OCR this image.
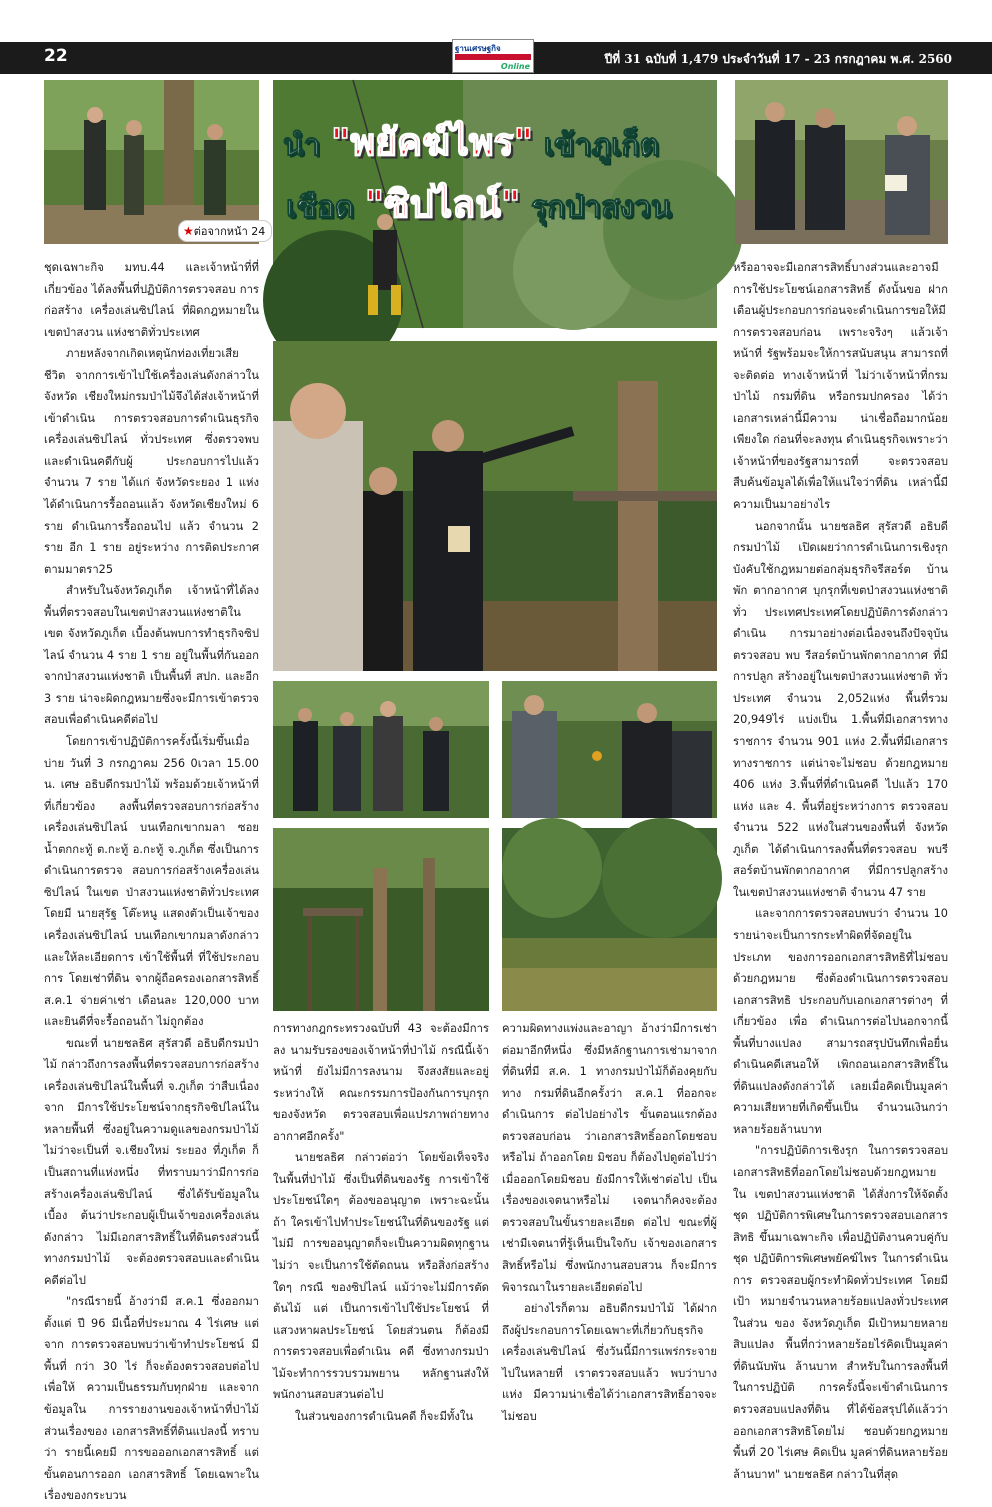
22	ฐานเศรษฐกิจ
Online
ปีที่ 31 ฉบับที่ 1,479 ประจำวันที่ 17 - 23 กรกฎาคม พ.ศ. 2560
★ต่อจากหน้า 24
นำ "พยัคฆ์ไพร" เข้าภูเก็ต
เชือด "ซิปไลน์" รุกป่าสงวน

ชุดเฉพาะกิจ มทบ.44 และเจ้าหน้าที่ที่เกี่ยวข้อง ได้ลงพื้นที่ปฏิบัติการตรวจสอบ การก่อสร้าง เครื่องเล่นซิปไลน์ ที่ผิดกฎหมายในเขตป่าสงวน แห่งชาติทั่วประเทศ

ภายหลังจากเกิดเหตุนักท่องเที่ยวเสียชีวิต จากการเข้าไปใช้เครื่องเล่นดังกล่าวในจังหวัด เชียงใหม่กรมป่าไม้จึงได้ส่งเจ้าหน้าที่เข้าดำเนิน การตรวจสอบการดำเนินธุรกิจเครื่องเล่นซิปไลน์ ทั่วประเทศ ซึ่งตรวจพบและดำเนินคดีกับผู้ ประกอบการไปแล้ว จำนวน 7 ราย ได้แก่ จังหวัดระยอง 1 แห่ง ได้ดำเนินการรื้อถอนแล้ว จังหวัดเชียงใหม่ 6 ราย ดำเนินการรื้อถอนไป แล้ว จำนวน 2 ราย อีก 1 ราย อยู่ระหว่าง การติดประกาศ ตามมาตรา25

สำหรับในจังหวัดภูเก็ต เจ้าหน้าที่ได้ลง พื้นที่ตรวจสอบในเขตป่าสงวนแห่งชาติในเขต จังหวัดภูเก็ต เบื้องต้นพบการทำธุรกิจซิปไลน์ จำนวน 4 ราย 1 ราย อยู่ในพื้นที่กันออก จากป่าสงวนแห่งชาติ เป็นพื้นที่ สปก. และอีก 3 ราย น่าจะผิดกฎหมายซึ่งจะมีการเข้าตรวจ สอบเพื่อดำเนินคดีต่อไป

โดยการเข้าปฏิบัติการครั้งนี้เริ่มขึ้นเมื่อบ่าย วันที่ 3 กรกฎาคม 256 0เวลา 15.00 น. เศษ อธิบดีกรมป่าไม้ พร้อมด้วยเจ้าหน้าที่ที่เกี่ยวข้อง ลงพื้นที่ตรวจสอบการก่อสร้างเครื่องเล่นซิปไลน์ บนเทือกเขากมลา ซอยน้ำตกกะทู้ ต.กะทู้ อ.กะทู้ จ.ภูเก็ต ซึ่งเป็นการดำเนินการตรวจ สอบการก่อสร้างเครื่องเล่นซิปไลน์ ในเขต ป่าสงวนแห่งชาติทั่วประเทศ โดยมี นายสุรัฐ โต๊ะหนู แสดงตัวเป็นเจ้าของเครื่องเล่นซิปไลน์ บนเทือกเขากมลาดังกล่าว และให้ละเอียดการ เข้าใช้พื้นที่ ที่ใช้ประกอบการ โดยเช่าที่ดิน จากผู้ถือครองเอกสารสิทธิ์ ส.ค.1 จ่ายค่าเช่า เดือนละ 120,000 บาท และยินดีที่จะรื้อถอนถ้า ไม่ถูกต้อง

ขณะที่ นายชลธิศ สุรัสวดี อธิบดีกรมป่าไม้ กล่าวถึงการลงพื้นที่ตรวจสอบการก่อสร้าง เครื่องเล่นซิปไลน์ในพื้นที่ จ.ภูเก็ต ว่าสืบเนื่อง จาก มีการใช้ประโยชน์จากธุรกิจซิปไลน์ใน หลายพื้นที่ ซึ่งอยู่ในความดูแลของกรมป่าไม้ ไม่ว่าจะเป็นที่ จ.เชียงใหม่ ระยอง ที่ภูเก็ต ก็เป็นสถานที่แห่งหนึ่ง ที่ทราบมาว่ามีการก่อ สร้างเครื่องเล่นซิปไลน์ ซึ่งได้รับข้อมูลในเบื้อง ต้นว่าประกอบผู้เป็นเจ้าของเครื่องเล่นดังกล่าว ไม่มีเอกสารสิทธิ์ในที่ดินตรงส่วนนี้ทางกรมป่าไม้ จะต้องตรวจสอบและดำเนินคดีต่อไป

"กรณีรายนี้ อ้างว่ามี ส.ค.1 ซึ่งออกมาตั้งแต่ ปี 96 มีเนื้อที่ประมาณ 4 ไร่เศษ แต่จาก การตรวจสอบพบว่าเข้าทำประโยชน์ มีพื้นที่ กว่า 30 ไร่ ก็จะต้องตรวจสอบต่อไป เพื่อให้ ความเป็นธรรมกับทุกฝ่าย และจากข้อมูลใน การรายงานของเจ้าหน้าที่ป่าไม้ ส่วนเรื่องของ เอกสารสิทธิ์ที่ดินแปลงนี้ ทราบว่า รายนี้เคยมี การขอออกเอกสารสิทธิ์ แต่ขั้นตอนการออก เอกสารสิทธิ์ โดยเฉพาะในเรื่องของกระบวน

การทางกฎกระทรวงฉบับที่ 43 จะต้องมีการลง นามรับรองของเจ้าหน้าที่ป่าไม้ กรณีนี้เจ้าหน้าที่ ยังไม่มีการลงนาม จึงสงสัยและอยู่ระหว่างให้ คณะกรรมการป้องกันการบุกรุกของจังหวัด ตรวจสอบเพื่อแปรภาพถ่ายทางอากาศอีกครั้ง"

นายชลธิศ กล่าวต่อว่า โดยข้อเท็จจริง ในพื้นที่ป่าไม้ ซึ่งเป็นที่ดินของรัฐ การเข้าใช้ ประโยชน์ใดๆ ต้องขออนุญาต เพราะฉะนั้นถ้า ใครเข้าไปทำประโยชน์ในที่ดินของรัฐ แต่ไม่มี การขออนุญาตก็จะเป็นความผิดทุกฐาน ไม่ว่า จะเป็นการใช้ตัดถนน หรือสิ่งก่อสร้างใดๆ กรณี ของซิปไลน์ แม้ว่าจะไม่มีการตัดต้นไม้ แต่ เป็นการเข้าไปใช้ประโยชน์ ที่แสวงหาผลประโยชน์ โดยส่วนตน ก็ต้องมีการตรวจสอบเพื่อดำเนิน คดี ซึ่งทางกรมป่าไม้จะทำการรวบรวมพยาน หลักฐานส่งให้พนักงานสอบสวนต่อไป

ในส่วนของการดำเนินคดี ก็จะมีทั้งใน

ความผิดทางแพ่งและอาญา อ้างว่ามีการเช่า ต่อมาอีกทีหนึ่ง ซึ่งมีหลักฐานการเช่ามาจาก ที่ดินที่มี ส.ค. 1 ทางกรมป่าไม้ก็ต้องคุยกับทาง กรมที่ดินอีกครั้งว่า ส.ค.1 ที่ออกจะดำเนินการ ต่อไปอย่างไร ขั้นตอนแรกต้องตรวจสอบก่อน ว่าเอกสารสิทธิ์ออกโดยชอบหรือไม่ ถ้าออกโดย มิชอบ ก็ต้องไปดูต่อไปว่าเมื่อออกโดยมิชอบ ยังมีการให้เช่าต่อไป เป็นเรื่องของเจตนาหรือไม่ เจตนาก็คงจะต้องตรวจสอบในขั้นรายละเอียด ต่อไป ขณะที่ผู้เช่ามีเจตนาที่รู้เห็นเป็นใจกับ เจ้าของเอกสารสิทธิ์หรือไม่ ซึ่งพนักงานสอบสวน ก็จะมีการพิจารณาในรายละเอียดต่อไป

อย่างไรก็ตาม อธิบดีกรมป่าไม้ ได้ฝาก ถึงผู้ประกอบการโดยเฉพาะที่เกี่ยวกับธุรกิจ เครื่องเล่นซิปไลน์ ซึ่งวันนี้มีการแพร่กระจาย ไปในหลายที่ เราตรวจสอบแล้ว พบว่าบางแห่ง มีความน่าเชื่อได้ว่าเอกสารสิทธิ์อาจจะไม่ชอบ

หรืออาจจะมีเอกสารสิทธิ์บางส่วนและอาจมี การใช้ประโยชน์เอกสารสิทธิ์ ดังนั้นขอ ฝาก เตือนผู้ประกอบการก่อนจะดำเนินการขอให้มี การตรวจสอบก่อน เพราะจริงๆ แล้วเจ้าหน้าที่ รัฐพร้อมจะให้การสนับสนุน สามารถที่จะติดต่อ ทางเจ้าหน้าที่ ไม่ว่าเจ้าหน้าที่กรมป่าไม้ กรมที่ดิน หรือกรมปกครอง ได้ว่า เอกสารเหล่านี้มีความ น่าเชื่อถือมากน้อยเพียงใด ก่อนที่จะลงทุน ดำเนินธุรกิจเพราะว่าเจ้าหน้าที่ของรัฐสามารถที่ จะตรวจสอบสืบค้นข้อมูลได้เพื่อให้แน่ใจว่าที่ดิน เหล่านี้มีความเป็นมาอย่างไร

นอกจากนั้น นายชลธิศ สุรัสวดี อธิบดี กรมป่าไม้ เปิดเผยว่าการดำเนินการเชิงรุก บังคับใช้กฎหมายต่อกลุ่มธุรกิจรีสอร์ต บ้านพัก ตากอากาศ บุกรุกที่เขตป่าสงวนแห่งชาติ ทั่ว ประเทศประเทศโดยปฏิบัติการดังกล่าวดำเนิน การมาอย่างต่อเนื่องจนถึงปัจจุบัน ตรวจสอบ พบ รีสอร์ตบ้านพักตากอากาศ ที่มีการปลูก สร้างอยู่ในเขตป่าสงวนแห่งชาติ ทั่วประเทศ จำนวน 2,052แห่ง พื้นที่รวม 20,949ไร่ แบ่งเป็น 1.พื้นที่มีเอกสารทางราชการ จำนวน 901 แห่ง 2.พื้นที่มีเอกสารทางราชการ แต่น่าจะไม่ชอบ ด้วยกฎหมาย 406 แห่ง 3.พื้นที่ที่ดำเนินคดี ไปแล้ว 170 แห่ง และ 4. พื้นที่อยู่ระหว่างการ ตรวจสอบจำนวน 522 แห่งในส่วนของพื้นที่ จังหวัด ภูเก็ต ได้ดำเนินการลงพื้นที่ตรวจสอบ พบรีสอร์ตบ้านพักตากอากาศ ที่มีการปลูกสร้าง ในเขตป่าสงวนแห่งชาติ จำนวน 47 ราย

และจากการตรวจสอบพบว่า จำนวน 10 รายน่าจะเป็นการกระทำผิดที่จัดอยู่ในประเภท ของการออกเอกสารสิทธิที่ไม่ชอบด้วยกฎหมาย ซึ่งต้องดำเนินการตรวจสอบเอกสารสิทธิ ประกอบกับเอกเอกสารต่างๆ ที่เกี่ยวข้อง เพื่อ ดำเนินการต่อไปนอกจากนี้พื้นที่บางแปลง สามารถสรุปบันทึกเพื่อยื่นดำเนินคดีเสนอให้ เพิกถอนเอกสารสิทธิ์ในที่ดินแปลงดังกล่าวได้ เลยเมื่อคิดเป็นมูลค่าความเสียหายที่เกิดขึ้นเป็น จำนวนเงินกว่าหลายร้อยล้านบาท

"การปฏิบัติการเชิงรุก ในการตรวจสอบ เอกสารสิทธิที่ออกโดยไม่ชอบด้วยกฎหมายใน เขตป่าสงวนแห่งชาติ ได้สั่งการให้จัดตั้งชุด ปฏิบัติการพิเศษในการตรวจสอบเอกสารสิทธิ ขึ้นมาเฉพาะกิจ เพื่อปฏิบัติงานควบคู่กับชุด ปฏิบัติการพิเศษพยัคฆ์ไพร ในการดำเนินการ ตรวจสอบผู้กระทำผิดทั่วประเทศ โดยมีเป้า หมายจำนวนหลายร้อยแปลงทั่วประเทศในส่วน ของ จังหวัดภูเก็ต มีเป้าหมายหลายสิบแปลง พื้นที่กว่าหลายร้อยไร่คิดเป็นมูลค่าที่ดินนับพัน ล้านบาท สำหรับในการลงพื้นที่ในการปฏิบัติ การครั้งนี้จะเข้าดำเนินการตรวจสอบแปลงที่ดิน ที่ได้ข้อสรุปได้แล้วว่าออกเอกสารสิทธิโดยไม่ ชอบด้วยกฎหมาย พื้นที่ 20 ไร่เศษ คิดเป็น มูลค่าที่ดินหลายร้อยล้านบาท" นายชลธิศ กล่าวในที่สุด
